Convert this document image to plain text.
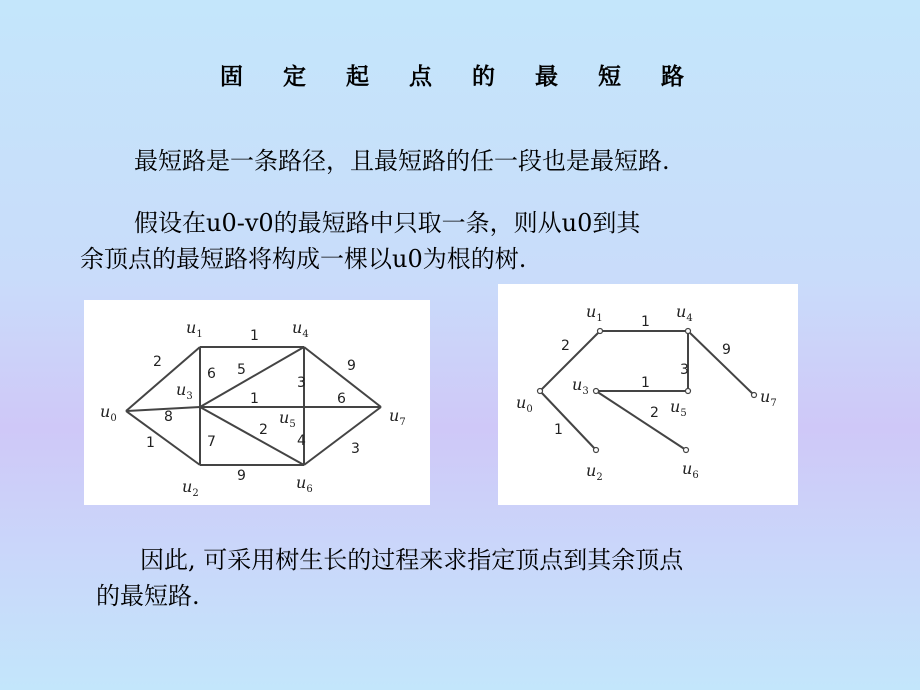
固 定 起 点 的 最 短 路
最短路是一条路径，且最短路的任一段也是最短路.
假设在u0-v0的最短路中只取一条，则从u0到其
余顶点的最短路将构成一棵以u0为根的树.
2
8
1
1
6 5
1
7
2
3
9
6
4
9
3
$u_0$
$u_1$
$u_2$
$u_3$
$u_4$
$u_5$
$u_6$
$u_7$
2
1
3
9
1
2
1
$u_0$
$u_1$
$u_2$
$u_3$
$u_4$
$u_5$
$u_6$
$u_7$
因此, 可采用树生长的过程来求指定顶点到其余顶点
的最短路.
